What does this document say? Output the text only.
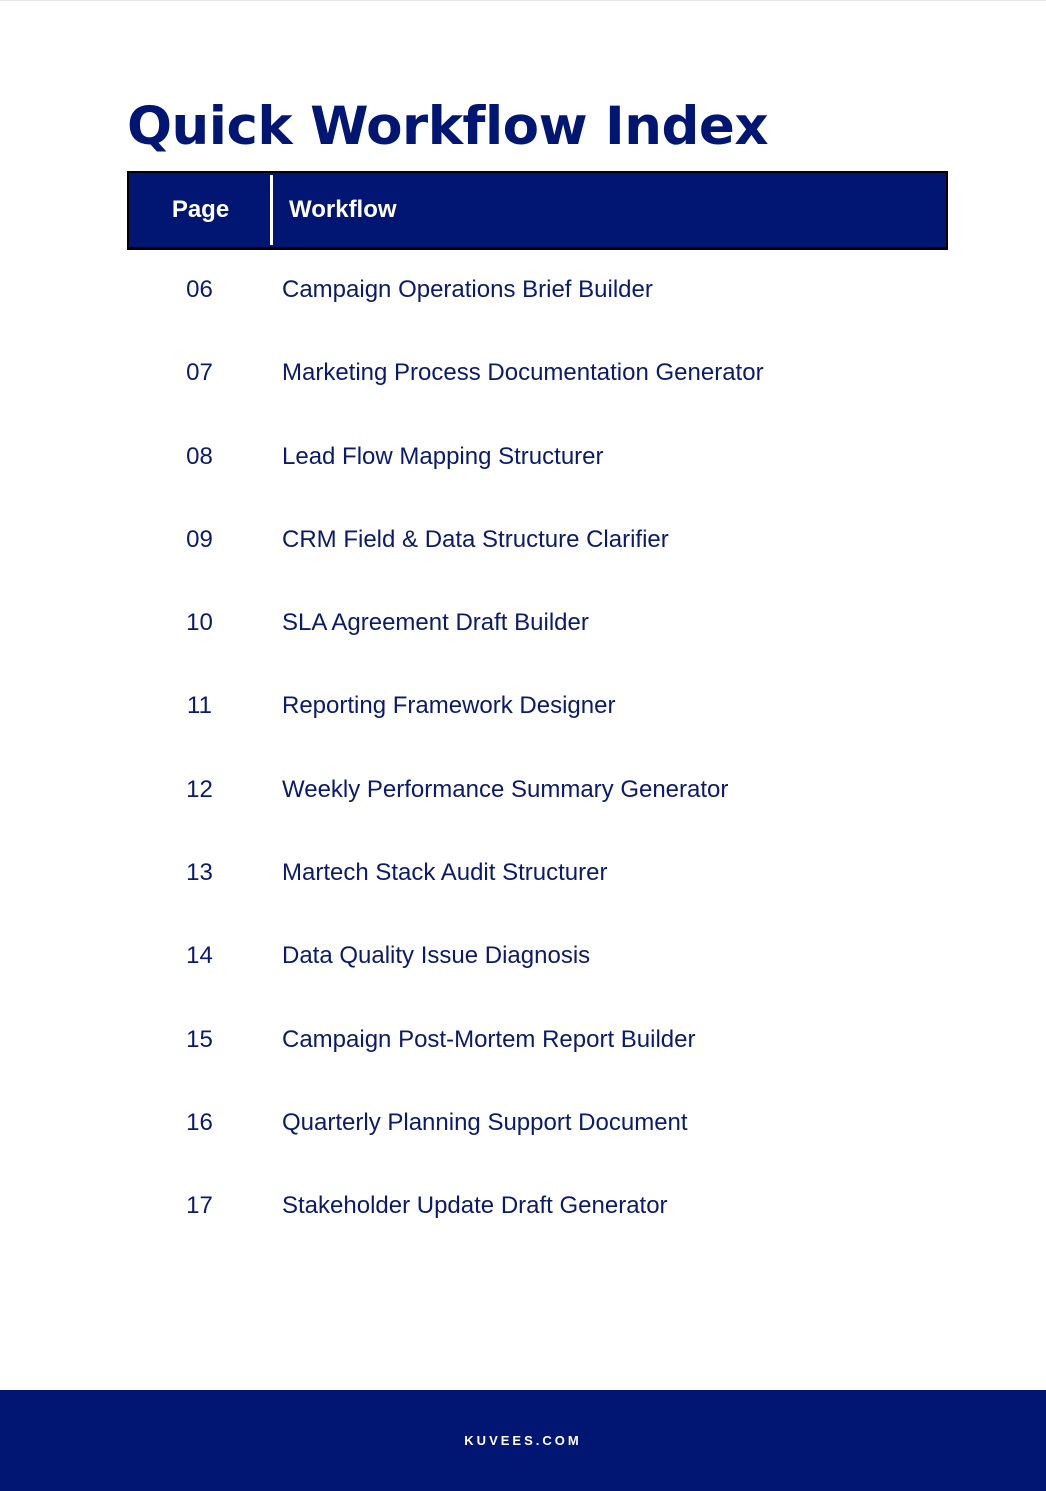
Quick Workflow Index
Page	Workflow
06	Campaign Operations Brief Builder
07	Marketing Process Documentation Generator
08	Lead Flow Mapping Structurer
09	CRM Field & Data Structure Clarifier
10	SLA Agreement Draft Builder
11	Reporting Framework Designer
12	Weekly Performance Summary Generator
13	Martech Stack Audit Structurer
14	Data Quality Issue Diagnosis
15	Campaign Post-Mortem Report Builder
16	Quarterly Planning Support Document
17	Stakeholder Update Draft Generator
KUVEES.COM
